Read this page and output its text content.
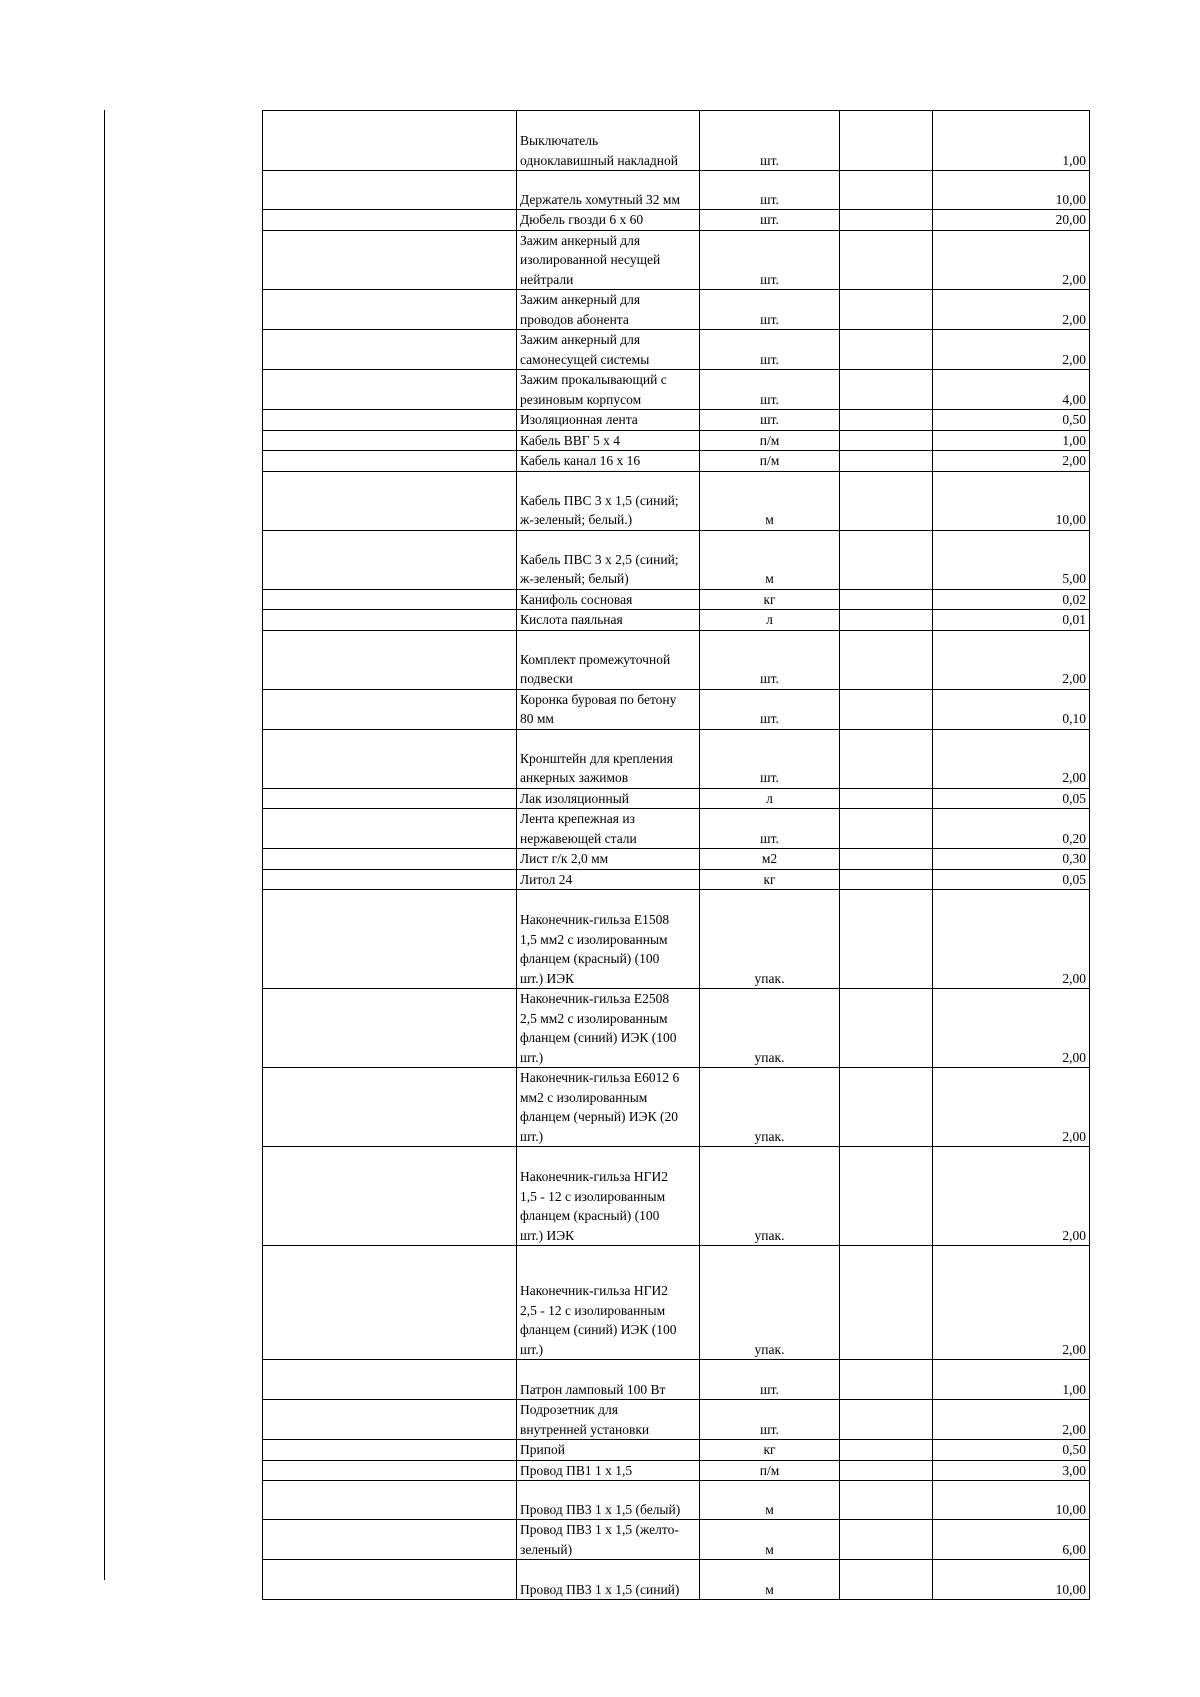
	Выключатель
одноклавишный накладной	шт.		1,00
	Держатель хомутный 32 мм	шт.		10,00
	Дюбель гвозди 6 x 60	шт.		20,00
	Зажим анкерный для
изолированной несущей
нейтрали	шт.		2,00
	Зажим анкерный для
проводов абонента	шт.		2,00
	Зажим анкерный для
самонесущей системы	шт.		2,00
	Зажим прокалывающий с
резиновым корпусом	шт.		4,00
	Изоляционная лента	шт.		0,50
	Кабель ВВГ 5 x 4	п/м		1,00
	Кабель канал 16 х 16	п/м		2,00
	Кабель ПВС 3 х 1,5 (синий;
ж-зеленый; белый.)	м		10,00
	Кабель ПВС 3 х 2,5 (синий;
ж-зеленый; белый)	м		5,00
	Канифоль сосновая	кг		0,02
	Кислота паяльная	л		0,01
	Комплект промежуточной
подвески	шт.		2,00
	Коронка буровая по бетону
80 мм	шт.		0,10
	Кронштейн для крепления
анкерных зажимов	шт.		2,00
	Лак изоляционный	л		0,05
	Лента крепежная из
нержавеющей стали	шт.		0,20
	Лист г/к 2,0 мм	м2		0,30
	Литол 24	кг		0,05
	Наконечник-гильза Е1508
1,5 мм2 с изолированным
фланцем (красный) (100
шт.) ИЭК	упак.		2,00
	Наконечник-гильза Е2508
2,5 мм2 с изолированным
фланцем (синий) ИЭК (100
шт.)	упак.		2,00
	Наконечник-гильза Е6012 6
мм2 с изолированным
фланцем (черный) ИЭК (20
шт.)	упак.		2,00
	Наконечник-гильза НГИ2
1,5 - 12 с изолированным
фланцем (красный) (100
шт.) ИЭК	упак.		2,00
	Наконечник-гильза НГИ2
2,5 - 12 с изолированным
фланцем (синий) ИЭК (100
шт.)	упак.		2,00
	Патрон ламповый 100 Вт	шт.		1,00
	Подрозетник для
внутренней установки	шт.		2,00
	Припой	кг		0,50
	Провод ПВ1 1 х 1,5	п/м		3,00
	Провод ПВ3 1 х 1,5 (белый)	м		10,00
	Провод ПВ3 1 х 1,5 (желто-
зеленый)	м		6,00
	Провод ПВ3 1 х 1,5 (синий)	м		10,00
